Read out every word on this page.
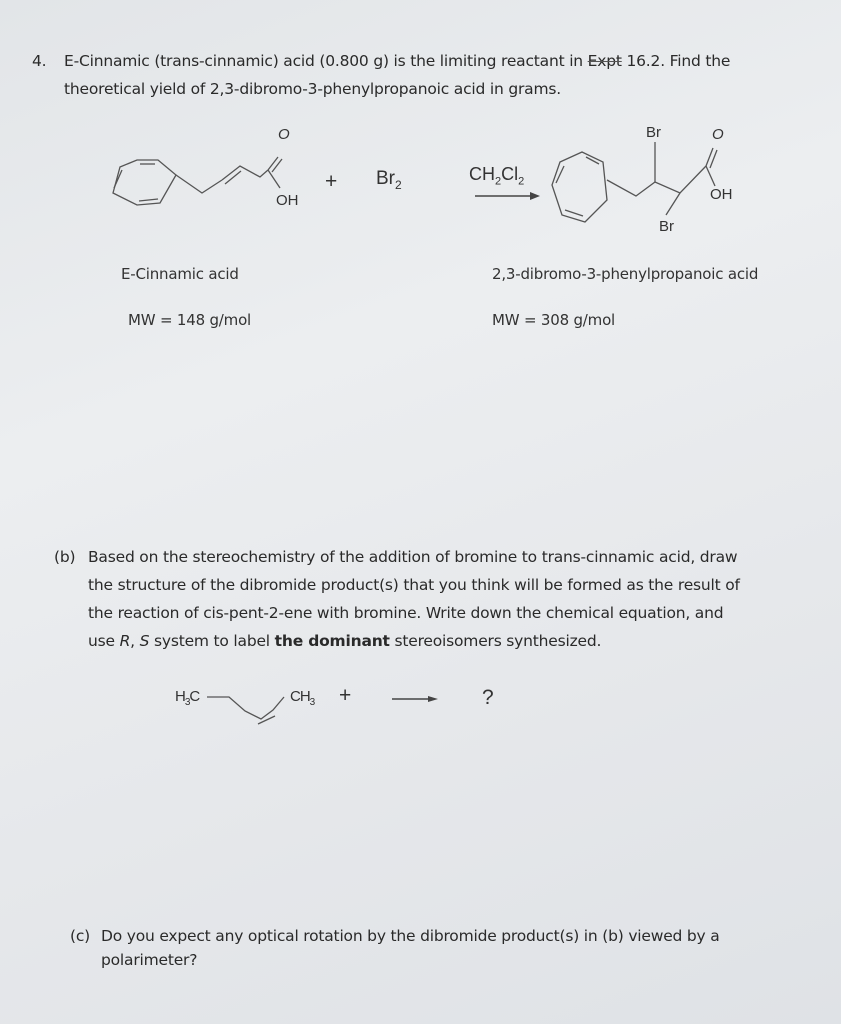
4. E-Cinnamic (trans-cinnamic) acid (0.800 g) is the limiting reactant in Expt 16.2. Find the
theoretical yield of 2,3-dibromo-3-phenylpropanoic acid in grams.
O
OH
+ $Br_2$
$CH_2Cl_2$
Br	O
OH
Br
E-Cinnamic acid	2,3-dibromo-3-phenylpropanoic acid
MW = 148 g/mol	MW = 308 g/mol
(b) Based on the stereochemistry of the addition of bromine to trans-cinnamic acid, draw
the structure of the dibromide product(s) that you think will be formed as the result of
the reaction of cis-pent-2-ene with bromine. Write down the chemical equation, and
use R, S system to label the dominant stereoisomers synthesized.
$H_3C$	$CH_3$ +	?
(c) Do you expect any optical rotation by the dibromide product(s) in (b) viewed by a
polarimeter?
